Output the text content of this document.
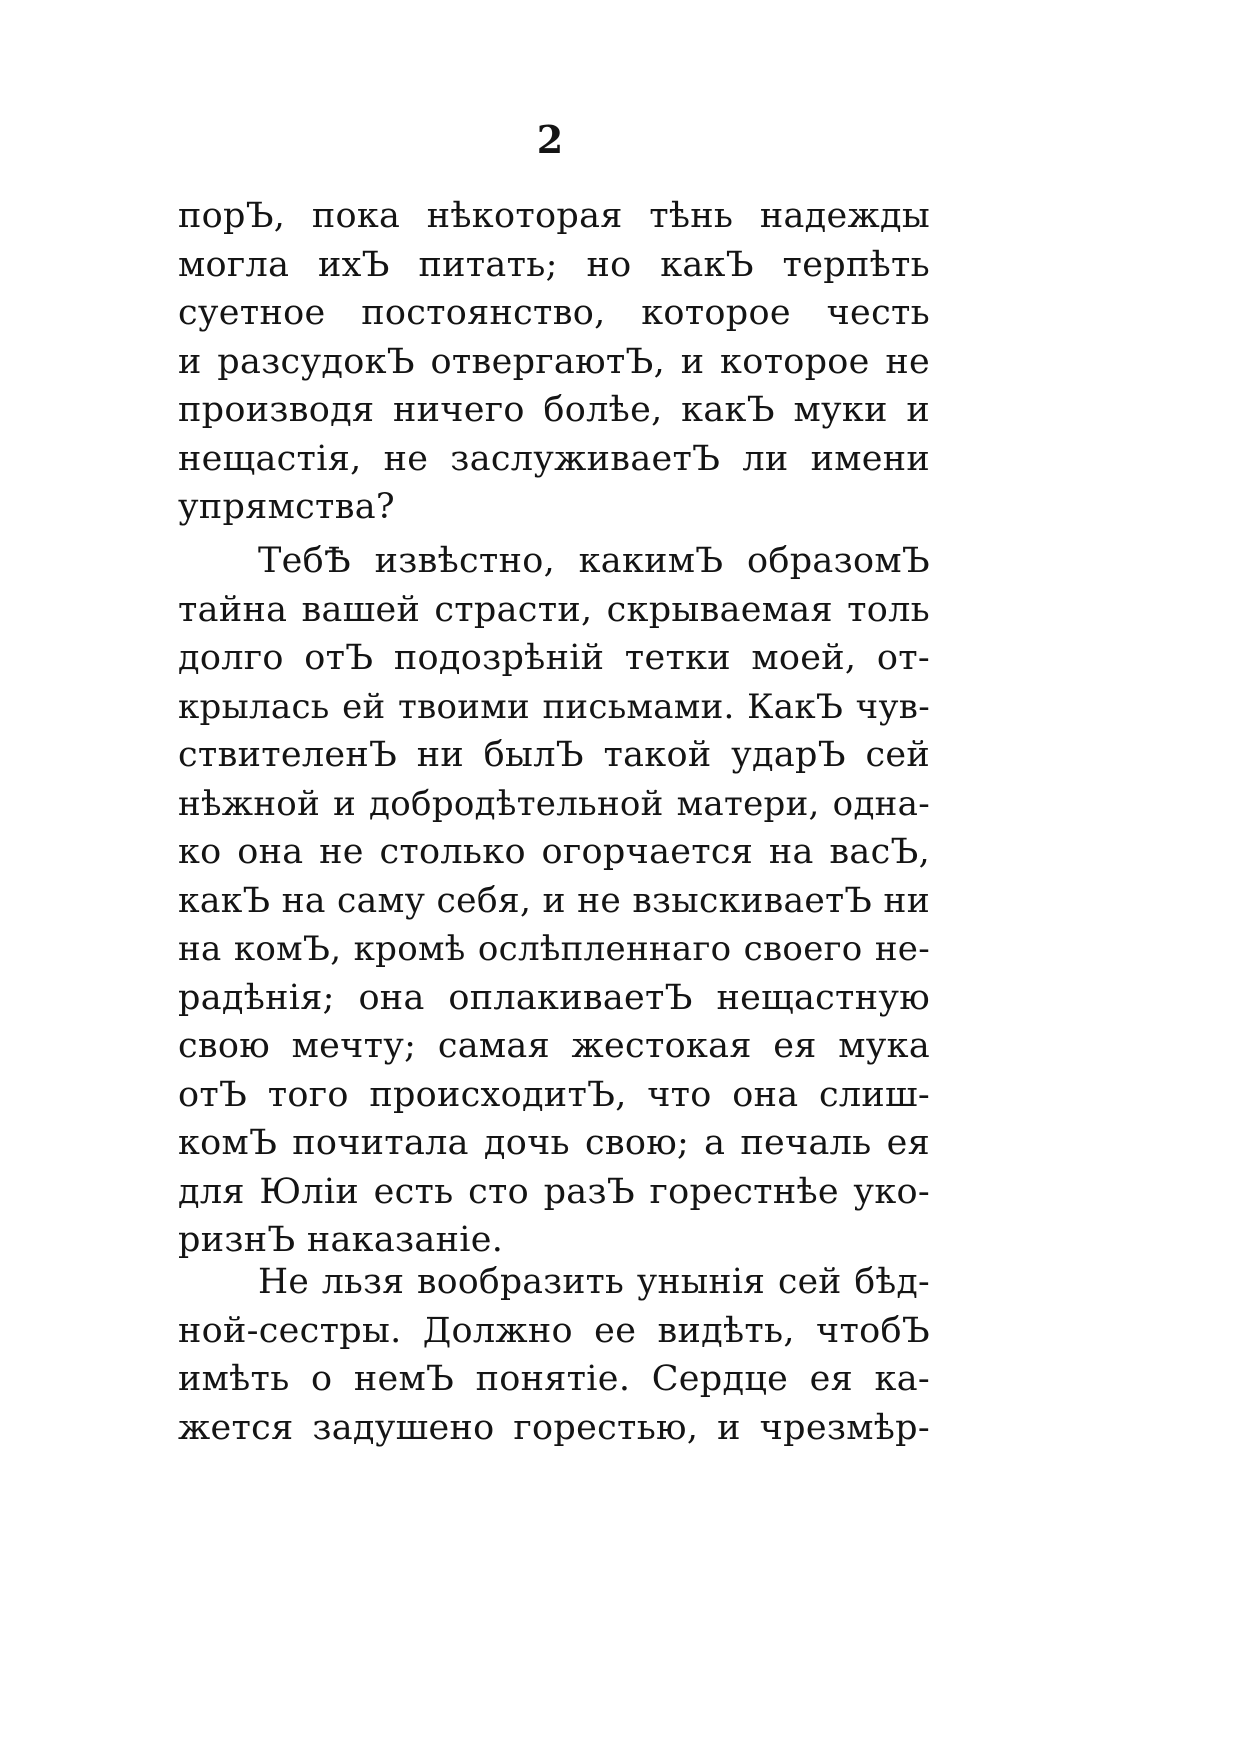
2
порЪ, пока нѣкоторая тѣнь надежды
могла ихЪ питать; но какЪ терпѣть
суетное постоянство, которое честь
и разсудокЪ отвергаютЪ, и которое не
производя ничего болѣе, какЪ муки и
нещастія, не заслуживаетЪ ли имени
упрямства?
ТебѢ извѣстно, какимЪ образомЪ
тайна вашей страсти, скрываемая толь
долго отЪ подозрѣній тетки моей, от-
крылась ей твоими письмами. КакЪ чув-
ствителенЪ ни былЪ такой ударЪ сей
нѣжной и добродѣтельной матери, одна-
ко она не столько огорчается на васЪ,
какЪ на саму себя, и не взыскиваетЪ ни
на комЪ, кромѣ ослѣпленнаго своего не-
радѣнія; она оплакиваетЪ нещастную
свою мечту; самая жестокая ея мука
отЪ того происходитЪ, что она слиш-
комЪ почитала дочь свою; а печаль ея
для Юліи есть сто разЪ горестнѣе уко-
ризнЪ наказаніе.
Не льзя вообразить унынія сей бѣд-
ной-сестры. Должно ее видѣть, чтобЪ
имѣть о немЪ понятіе. Сердце ея ка-
жется задушено горестью, и чрезмѣр-
